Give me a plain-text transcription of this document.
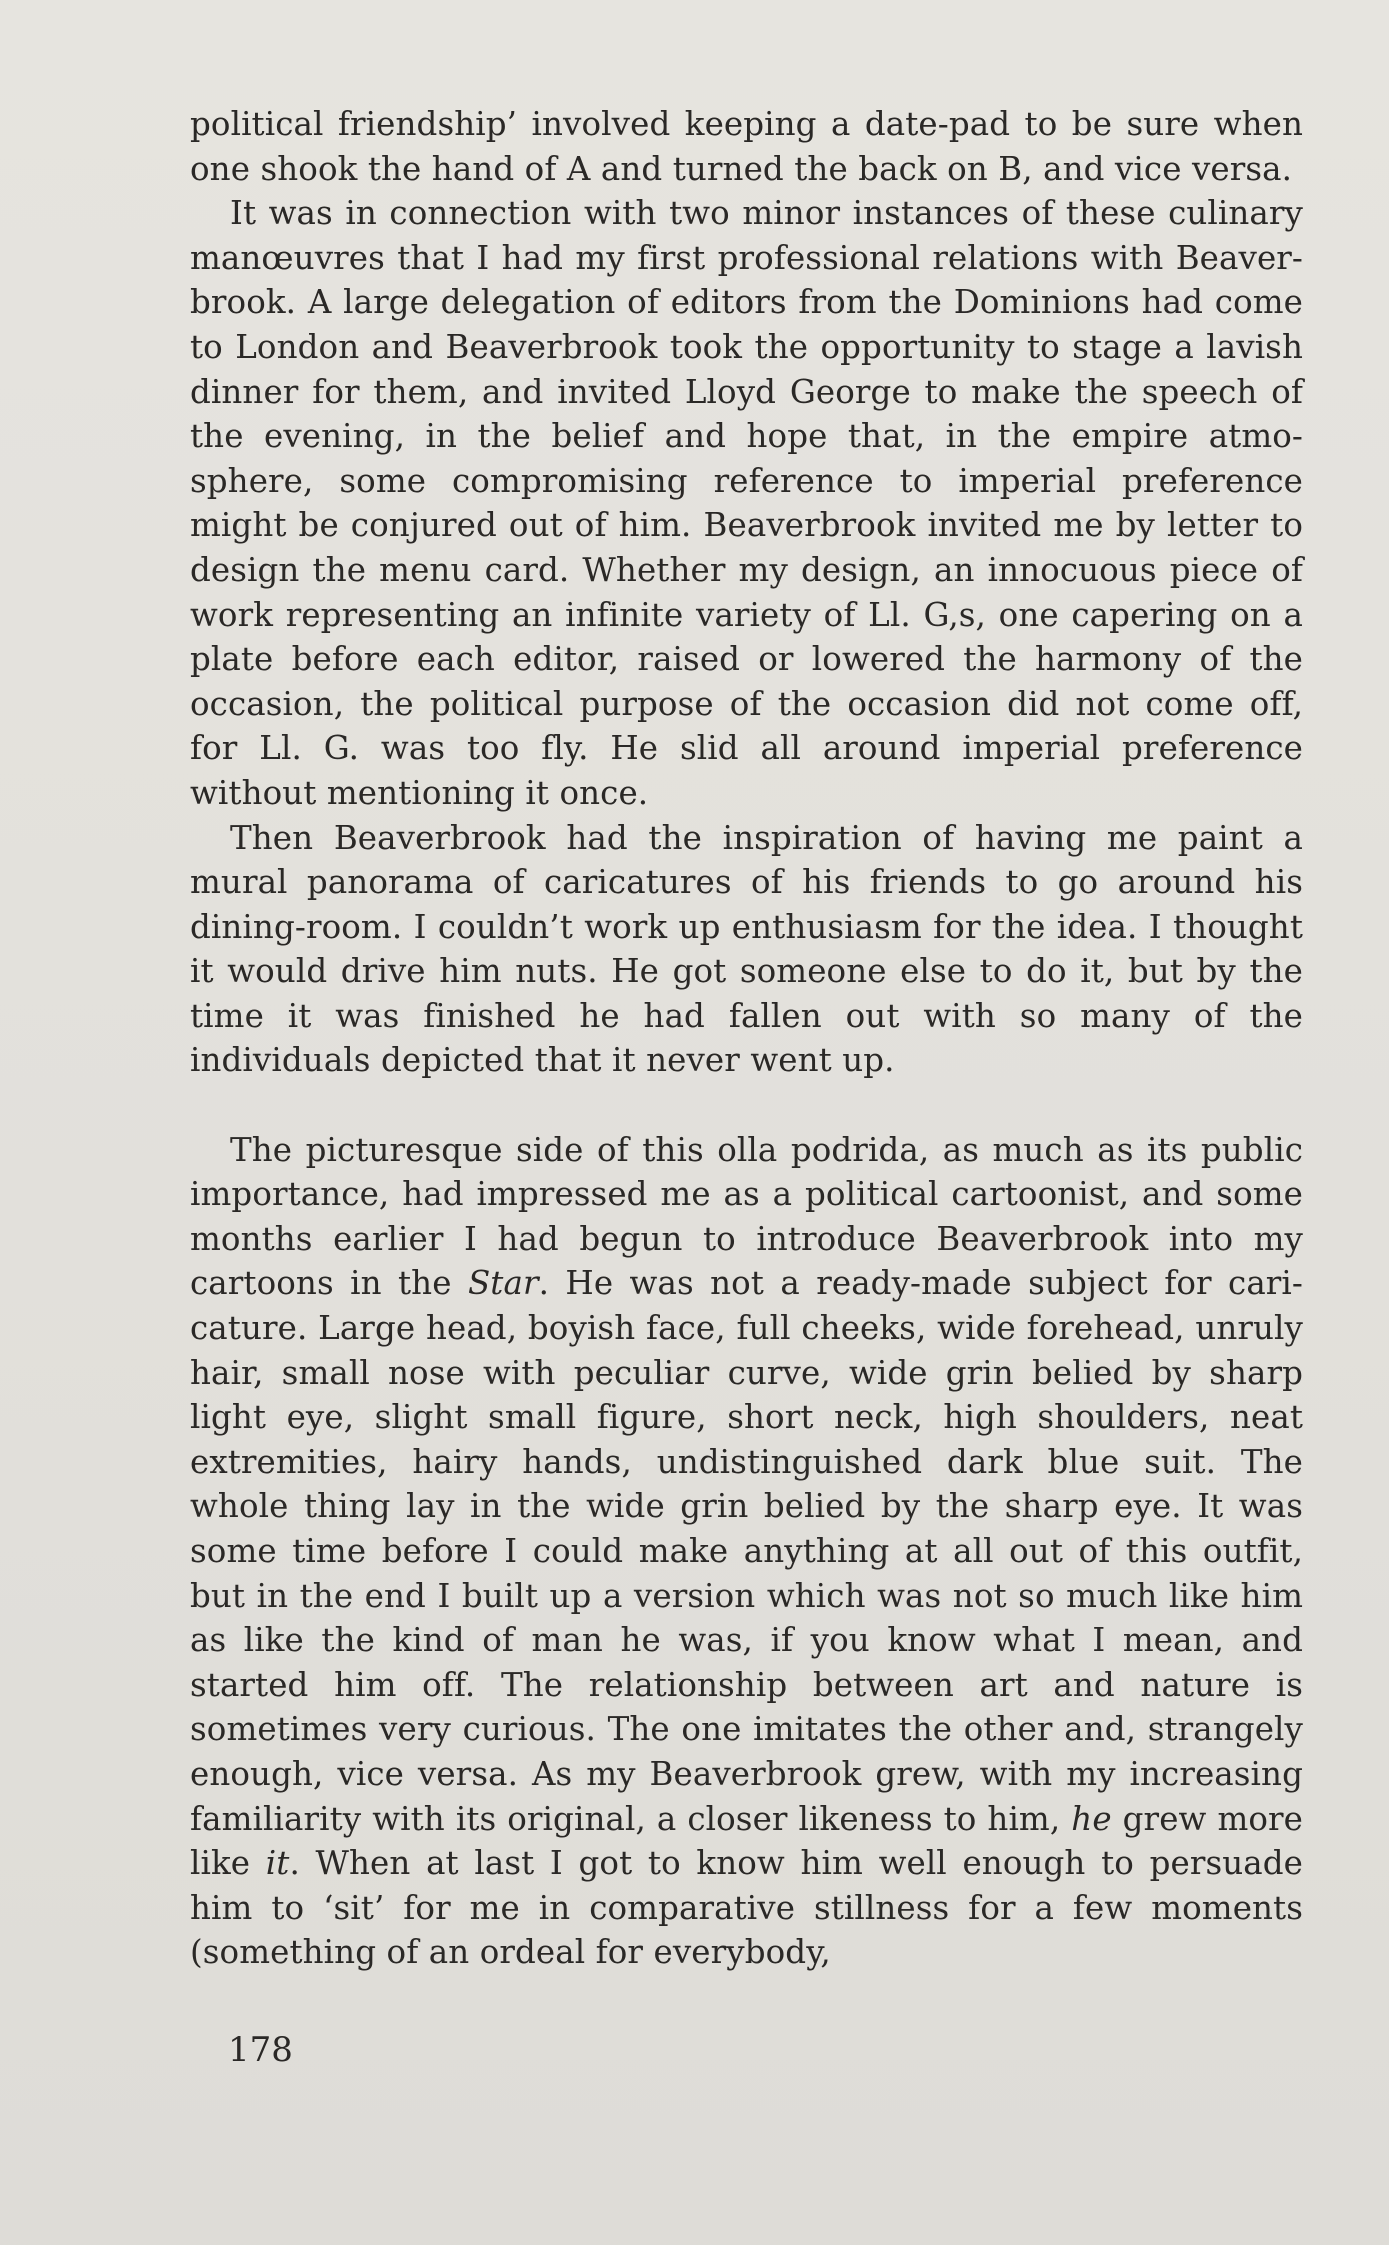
political friendship’ involved keeping a date-pad to be sure when one shook the hand of A and turned the back on B, and vice versa.

It was in connection with two minor instances of these culinary manœuvres that I had my first professional relations with Beaver-brook. A large delegation of editors from the Dominions had come to London and Beaverbrook took the opportunity to stage a lavish dinner for them, and invited Lloyd George to make the speech of the evening, in the belief and hope that, in the empire atmo-sphere, some compromising reference to imperial preference might be conjured out of him. Beaverbrook invited me by letter to design the menu card. Whether my design, an innocuous piece of work representing an infinite variety of Ll. G,s, one capering on a plate before each editor, raised or lowered the harmony of the occasion, the political purpose of the occasion did not come off, for Ll. G. was too fly. He slid all around imperial preference without mentioning it once.

Then Beaverbrook had the inspiration of having me paint a mural panorama of caricatures of his friends to go around his dining-room. I couldn’t work up enthusiasm for the idea. I thought it would drive him nuts. He got someone else to do it, but by the time it was finished he had fallen out with so many of the individuals depicted that it never went up.

The picturesque side of this olla podrida, as much as its public importance, had impressed me as a political cartoonist, and some months earlier I had begun to introduce Beaverbrook into my cartoons in the Star. He was not a ready-made subject for cari-cature. Large head, boyish face, full cheeks, wide forehead, unruly hair, small nose with peculiar curve, wide grin belied by sharp light eye, slight small figure, short neck, high shoulders, neat extremities, hairy hands, undistinguished dark blue suit. The whole thing lay in the wide grin belied by the sharp eye. It was some time before I could make anything at all out of this outfit, but in the end I built up a version which was not so much like him as like the kind of man he was, if you know what I mean, and started him off. The relationship between art and nature is sometimes very curious. The one imitates the other and, strangely enough, vice versa. As my Beaverbrook grew, with my increasing familiarity with its original, a closer likeness to him, he grew more like it. When at last I got to know him well enough to persuade him to ‘sit’ for me in comparative stillness for a few moments (something of an ordeal for everybody,

178
